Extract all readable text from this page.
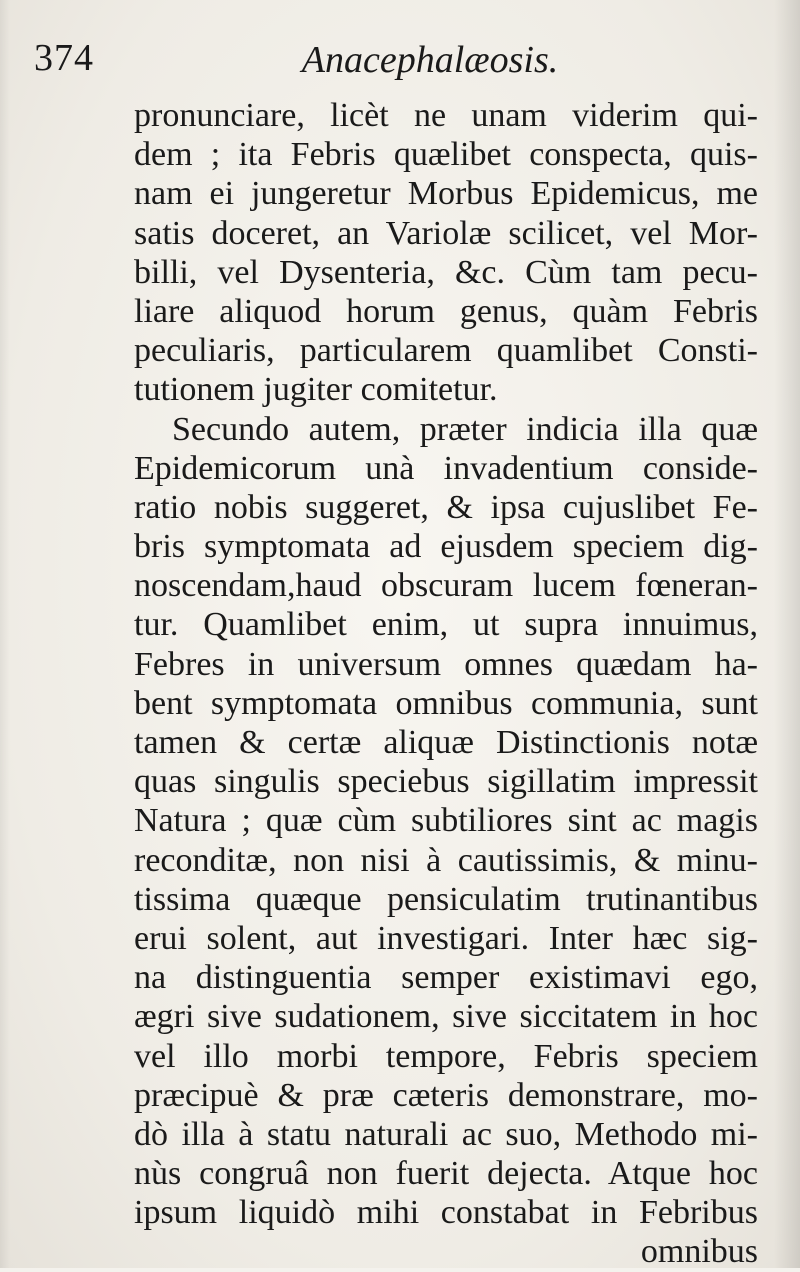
374	Anacephalæosis.
pronunciare, licèt ne unam viderim qui-
dem ; ita Febris quælibet conspecta, quis-
nam ei jungeretur Morbus Epidemicus, me
satis doceret, an Variolæ scilicet, vel Mor-
billi, vel Dysenteria, &c. Cùm tam pecu-
liare aliquod horum genus, quàm Febris
peculiaris, particularem quamlibet Consti-
tutionem jugiter comitetur.
Secundo autem, præter indicia illa quæ
Epidemicorum unà invadentium conside-
ratio nobis suggeret, & ipsa cujuslibet Fe-
bris symptomata ad ejusdem speciem dig-
noscendam,haud obscuram lucem fœneran-
tur. Quamlibet enim, ut supra innuimus,
Febres in universum omnes quædam ha-
bent symptomata omnibus communia, sunt
tamen & certæ aliquæ Distinctionis notæ
quas singulis speciebus sigillatim impressit
Natura ; quæ cùm subtiliores sint ac magis
reconditæ, non nisi à cautissimis, & minu-
tissima quæque pensiculatim trutinantibus
erui solent, aut investigari. Inter hæc sig-
na distinguentia semper existimavi ego,
ægri sive sudationem, sive siccitatem in hoc
vel illo morbi tempore, Febris speciem
præcipuè & præ cæteris demonstrare, mo-
dò illa à statu naturali ac suo, Methodo mi-
nùs congruâ non fuerit dejecta. Atque hoc
ipsum liquidò mihi constabat in Febribus
omnibus
